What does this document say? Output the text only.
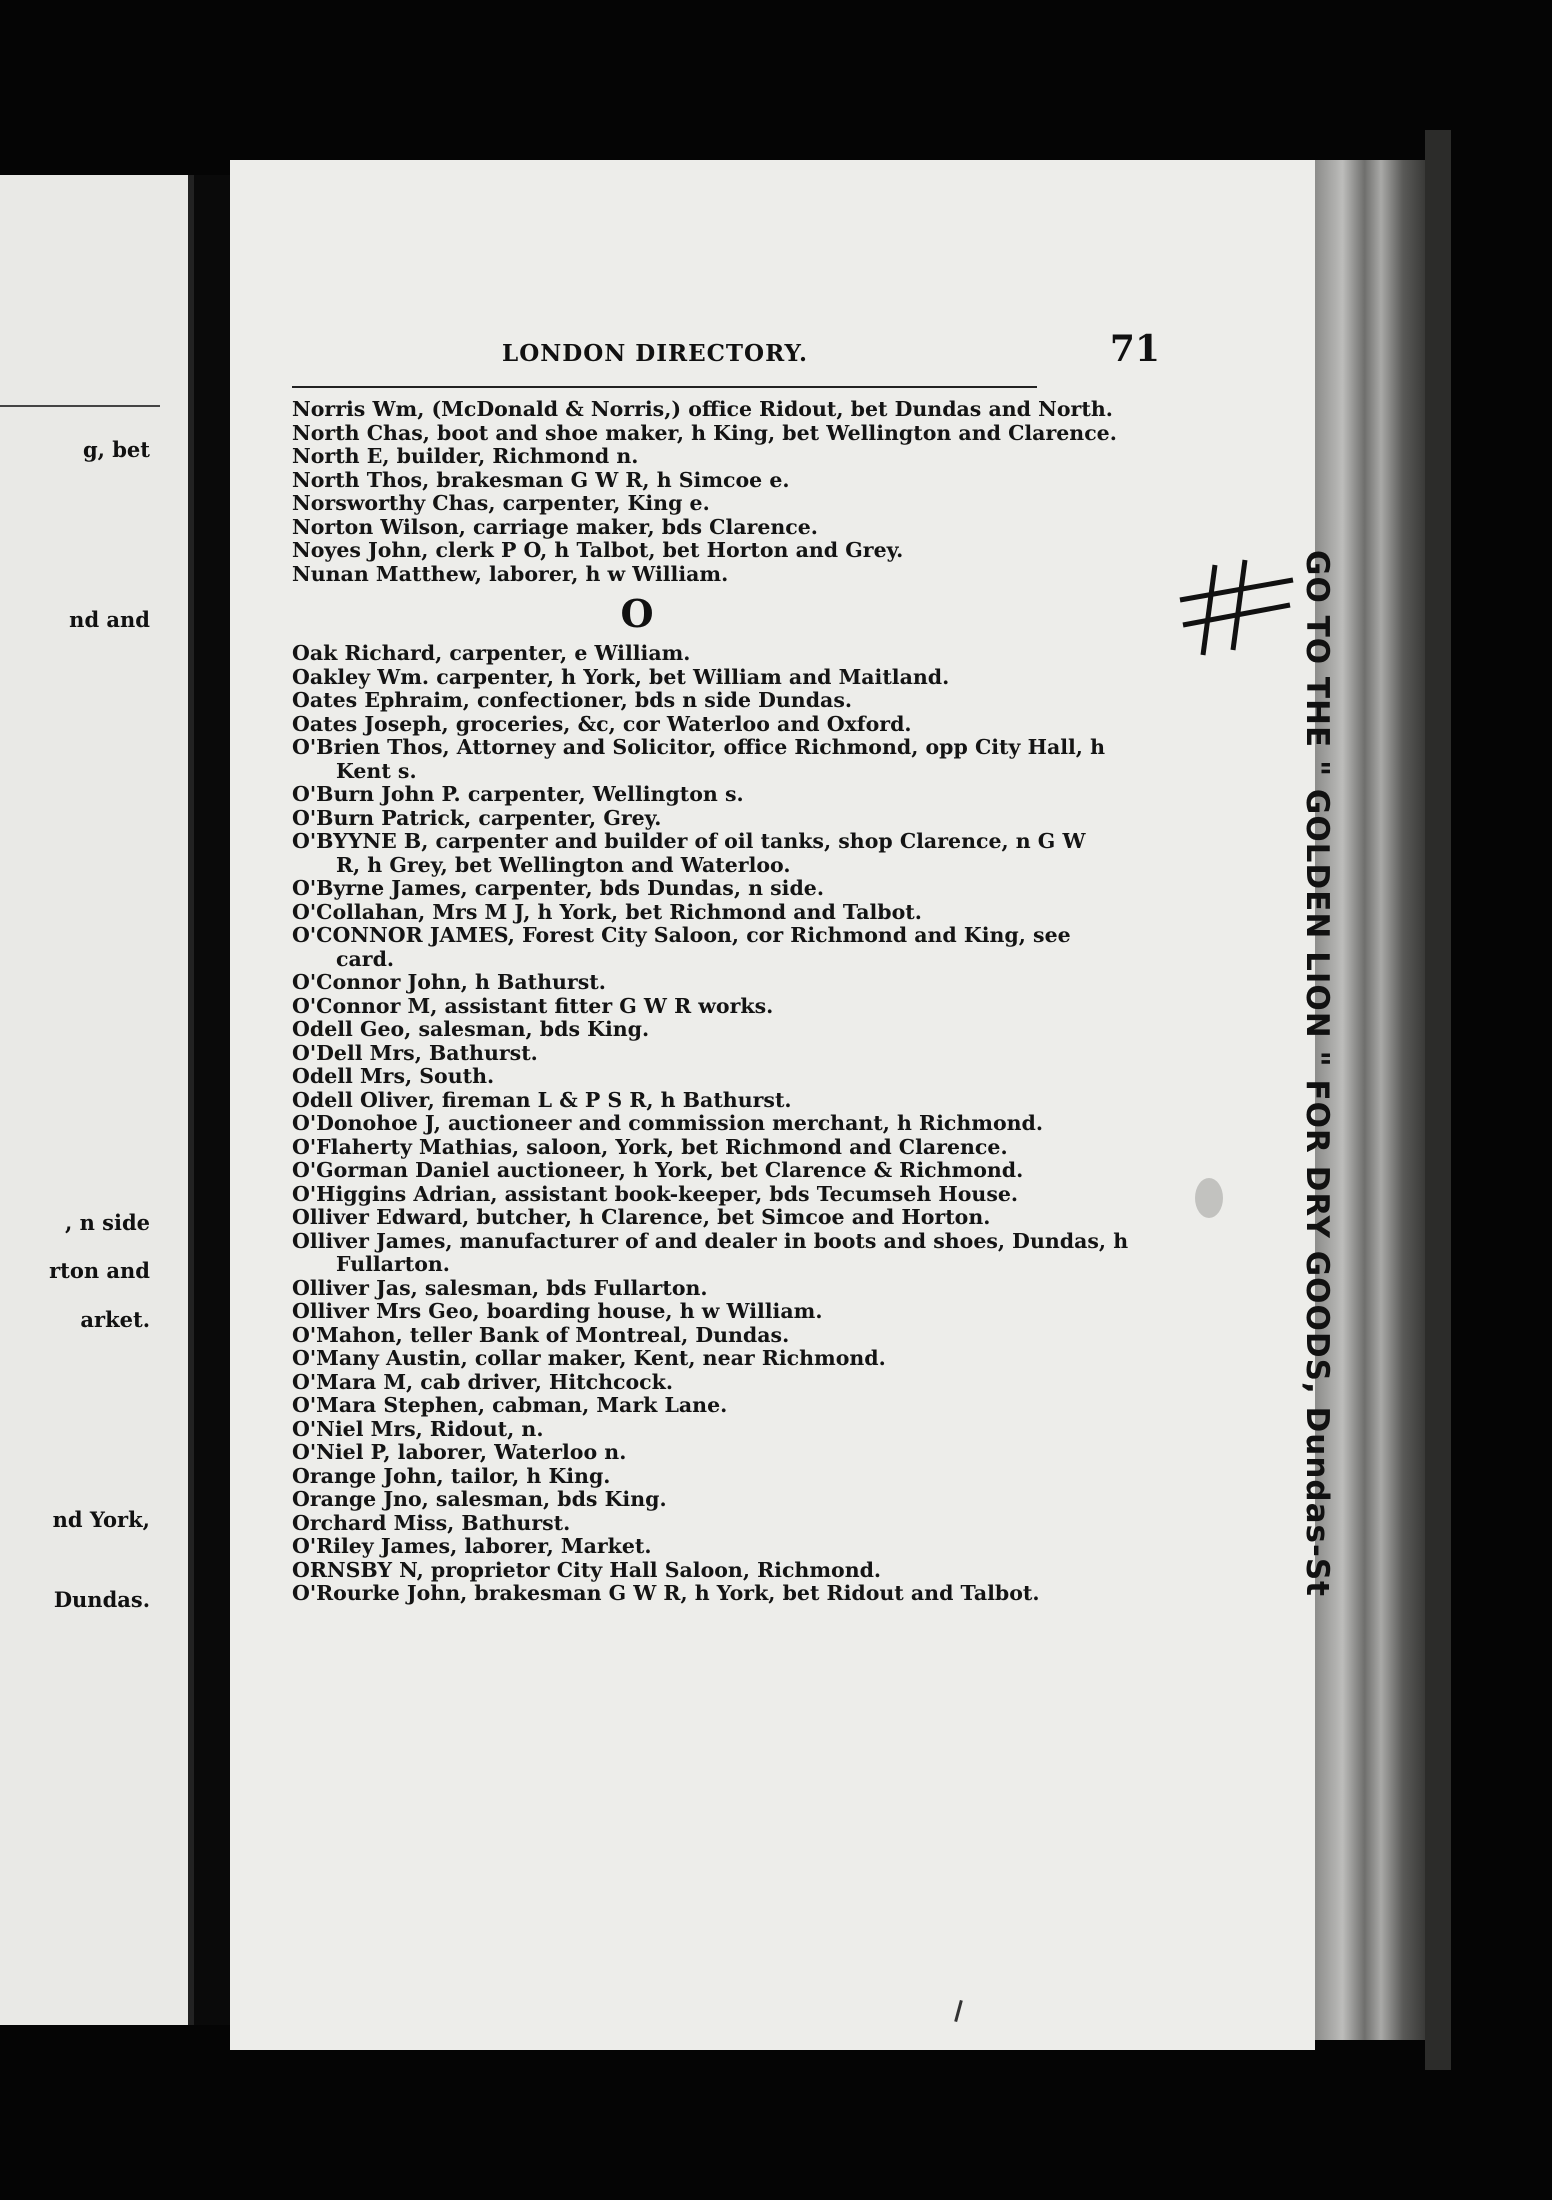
g, bet
nd and
, n side
rton and
arket.
nd York,
Dundas.
LONDON DIRECTORY.	71
Norris Wm, (McDonald & Norris,) office Ridout, bet Dundas and North.
North Chas, boot and shoe maker, h King, bet Wellington and Clarence.
North E, builder, Richmond n.
North Thos, brakesman G W R, h Simcoe e.
Norsworthy Chas, carpenter, King e.
Norton Wilson, carriage maker, bds Clarence.
Noyes John, clerk P O, h Talbot, bet Horton and Grey.
Nunan Matthew, laborer, h w William.
O
Oak Richard, carpenter, e William.
Oakley Wm. carpenter, h York, bet William and Maitland.
Oates Ephraim, confectioner, bds n side Dundas.
Oates Joseph, groceries, &c, cor Waterloo and Oxford.
O'Brien Thos, Attorney and Solicitor, office Richmond, opp City Hall, h
Kent s.
O'Burn John P. carpenter, Wellington s.
O'Burn Patrick, carpenter, Grey.
O'BYYNE B, carpenter and builder of oil tanks, shop Clarence, n G W
R, h Grey, bet Wellington and Waterloo.
O'Byrne James, carpenter, bds Dundas, n side.
O'Collahan, Mrs M J, h York, bet Richmond and Talbot.
O'CONNOR JAMES, Forest City Saloon, cor Richmond and King, see
card.
O'Connor John, h Bathurst.
O'Connor M, assistant fitter G W R works.
Odell Geo, salesman, bds King.
O'Dell Mrs, Bathurst.
Odell Mrs, South.
Odell Oliver, fireman L & P S R, h Bathurst.
O'Donohoe J, auctioneer and commission merchant, h Richmond.
O'Flaherty Mathias, saloon, York, bet Richmond and Clarence.
O'Gorman Daniel auctioneer, h York, bet Clarence & Richmond.
O'Higgins Adrian, assistant book-keeper, bds Tecumseh House.
Olliver Edward, butcher, h Clarence, bet Simcoe and Horton.
Olliver James, manufacturer of and dealer in boots and shoes, Dundas, h
Fullarton.
Olliver Jas, salesman, bds Fullarton.
Olliver Mrs Geo, boarding house, h w William.
O'Mahon, teller Bank of Montreal, Dundas.
O'Many Austin, collar maker, Kent, near Richmond.
O'Mara M, cab driver, Hitchcock.
O'Mara Stephen, cabman, Mark Lane.
O'Niel Mrs, Ridout, n.
O'Niel P, laborer, Waterloo n.
Orange John, tailor, h King.
Orange Jno, salesman, bds King.
Orchard Miss, Bathurst.
O'Riley James, laborer, Market.
ORNSBY N, proprietor City Hall Saloon, Richmond.
O'Rourke John, brakesman G W R, h York, bet Ridout and Talbot.	GO TO THE " GOLDEN LION " FOR DRY GOODS, Dundas-St
